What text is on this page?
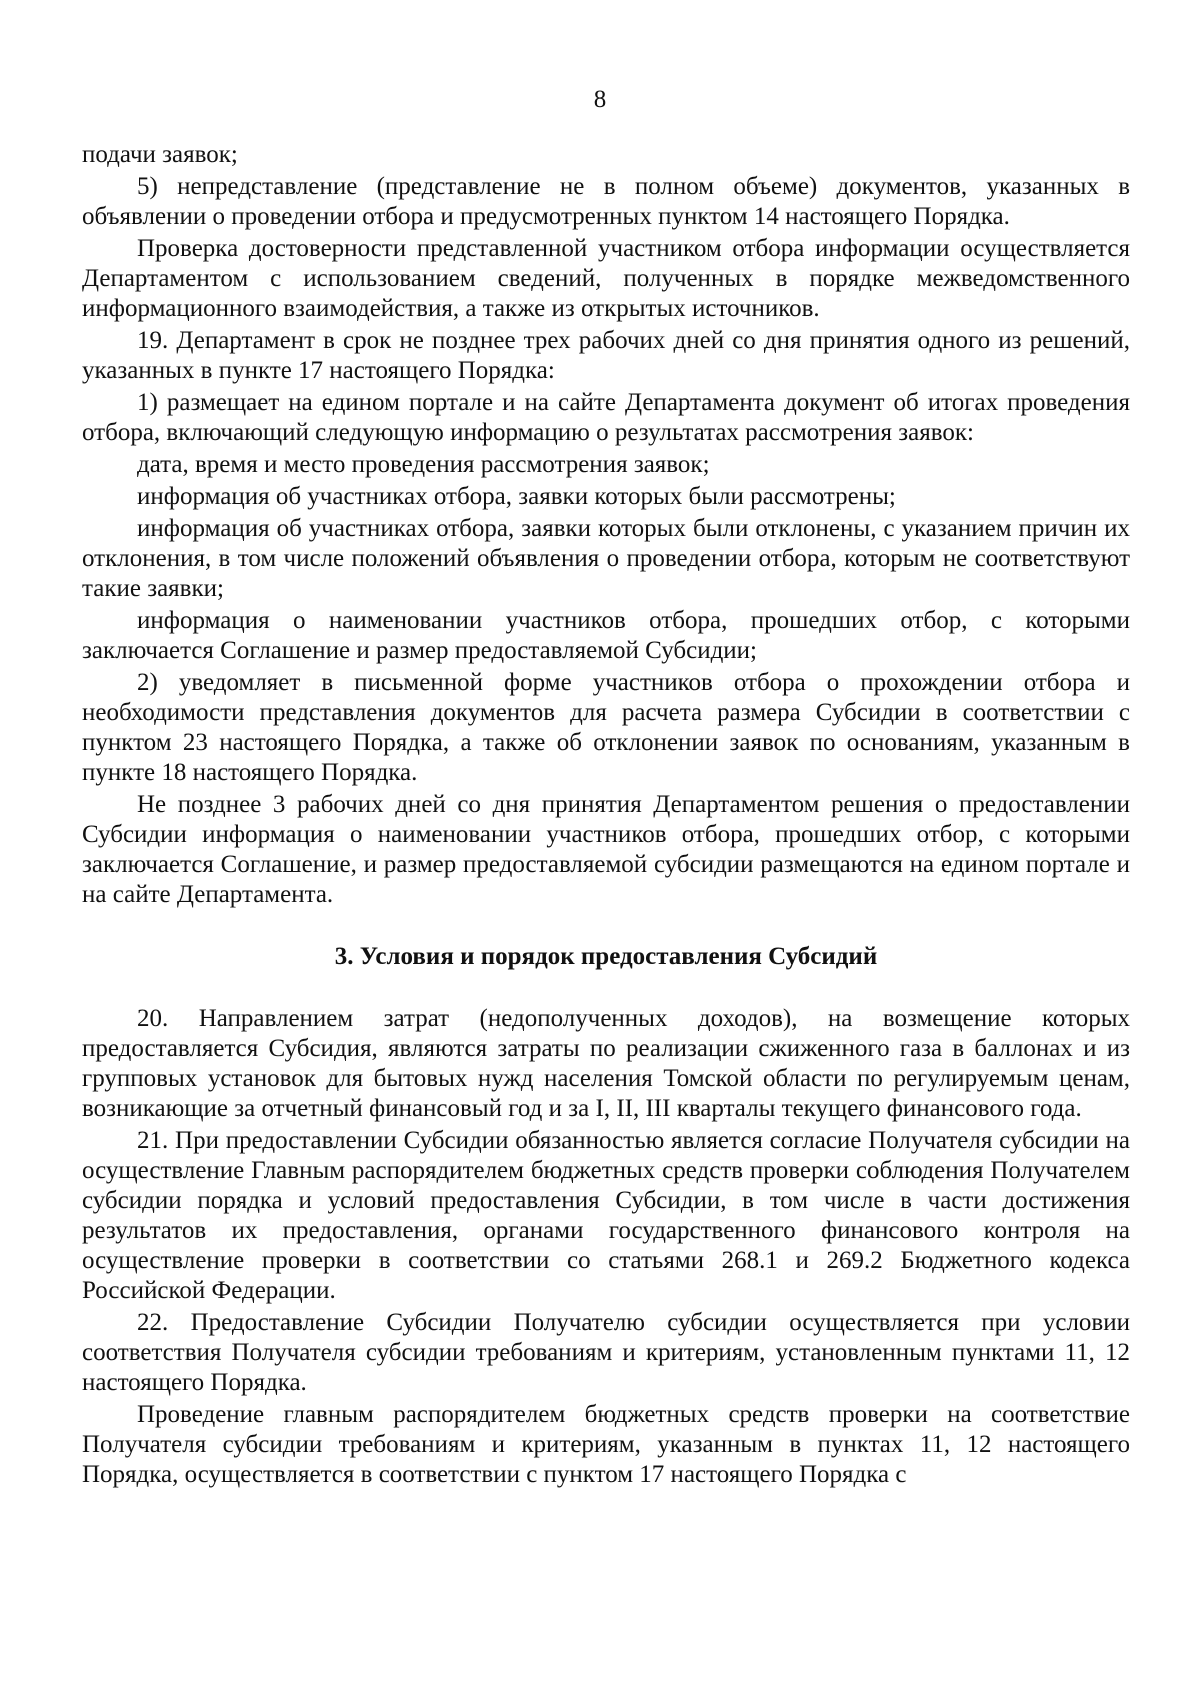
8

подачи заявок;

5) непредставление (представление не в полном объеме) документов, указанных в объявлении о проведении отбора и предусмотренных пунктом 14 настоящего Порядка.

Проверка достоверности представленной участником отбора информации осуществляется Департаментом с использованием сведений, полученных в порядке межведомственного информационного взаимодействия, а также из открытых источников.

19. Департамент в срок не позднее трех рабочих дней со дня принятия одного из решений, указанных в пункте 17 настоящего Порядка:

1) размещает на едином портале и на сайте Департамента документ об итогах проведения отбора, включающий следующую информацию о результатах рассмотрения заявок:

дата, время и место проведения рассмотрения заявок;

информация об участниках отбора, заявки которых были рассмотрены;

информация об участниках отбора, заявки которых были отклонены, с указанием причин их отклонения, в том числе положений объявления о проведении отбора, которым не соответствуют такие заявки;

информация о наименовании участников отбора, прошедших отбор, с которыми заключается Соглашение и размер предоставляемой Субсидии;

2) уведомляет в письменной форме участников отбора о прохождении отбора и необходимости представления документов для расчета размера Субсидии в соответствии с пунктом 23 настоящего Порядка, а также об отклонении заявок по основаниям, указанным в пункте 18 настоящего Порядка.

Не позднее 3 рабочих дней со дня принятия Департаментом решения о предоставлении Субсидии информация о наименовании участников отбора, прошедших отбор, с которыми заключается Соглашение, и размер предоставляемой субсидии размещаются на едином портале и на сайте Департамента.

3. Условия и порядок предоставления Субсидий

20. Направлением затрат (недополученных доходов), на возмещение которых предоставляется Субсидия, являются затраты по реализации сжиженного газа в баллонах и из групповых установок для бытовых нужд населения Томской области по регулируемым ценам, возникающие за отчетный финансовый год и за I, II, III кварталы текущего финансового года.

21. При предоставлении Субсидии обязанностью является согласие Получателя субсидии на осуществление Главным распорядителем бюджетных средств проверки соблюдения Получателем субсидии порядка и условий предоставления Субсидии, в том числе в части достижения результатов их предоставления, органами государственного финансового контроля на осуществление проверки в соответствии со статьями 268.1 и 269.2 Бюджетного кодекса Российской Федерации.

22. Предоставление Субсидии Получателю субсидии осуществляется при условии соответствия Получателя субсидии требованиям и критериям, установленным пунктами 11, 12 настоящего Порядка.

Проведение главным распорядителем бюджетных средств проверки на соответствие Получателя субсидии требованиям и критериям, указанным в пунктах 11, 12 настоящего Порядка, осуществляется в соответствии с пунктом 17 настоящего Порядка с
